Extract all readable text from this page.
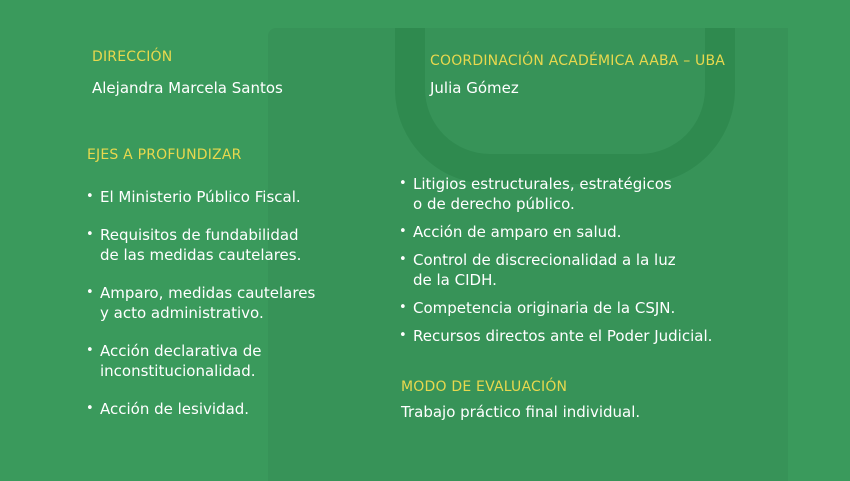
DIRECCIÓN
Alejandra Marcela Santos
COORDINACIÓN ACADÉMICA AABA – UBA
Julia Gómez
EJES A PROFUNDIZAR
• El Ministerio Público Fiscal.
• Requisitos de fundabilidad
de las medidas cautelares.
• Amparo, medidas cautelares
y acto administrativo.
• Acción declarativa de
inconstitucionalidad.
• Acción de lesividad.
• Litigios estructurales, estratégicos
o de derecho público.
• Acción de amparo en salud.
• Control de discrecionalidad a la luz
de la CIDH.
• Competencia originaria de la CSJN.
• Recursos directos ante el Poder Judicial.
MODO DE EVALUACIÓN
Trabajo práctico final individual.
